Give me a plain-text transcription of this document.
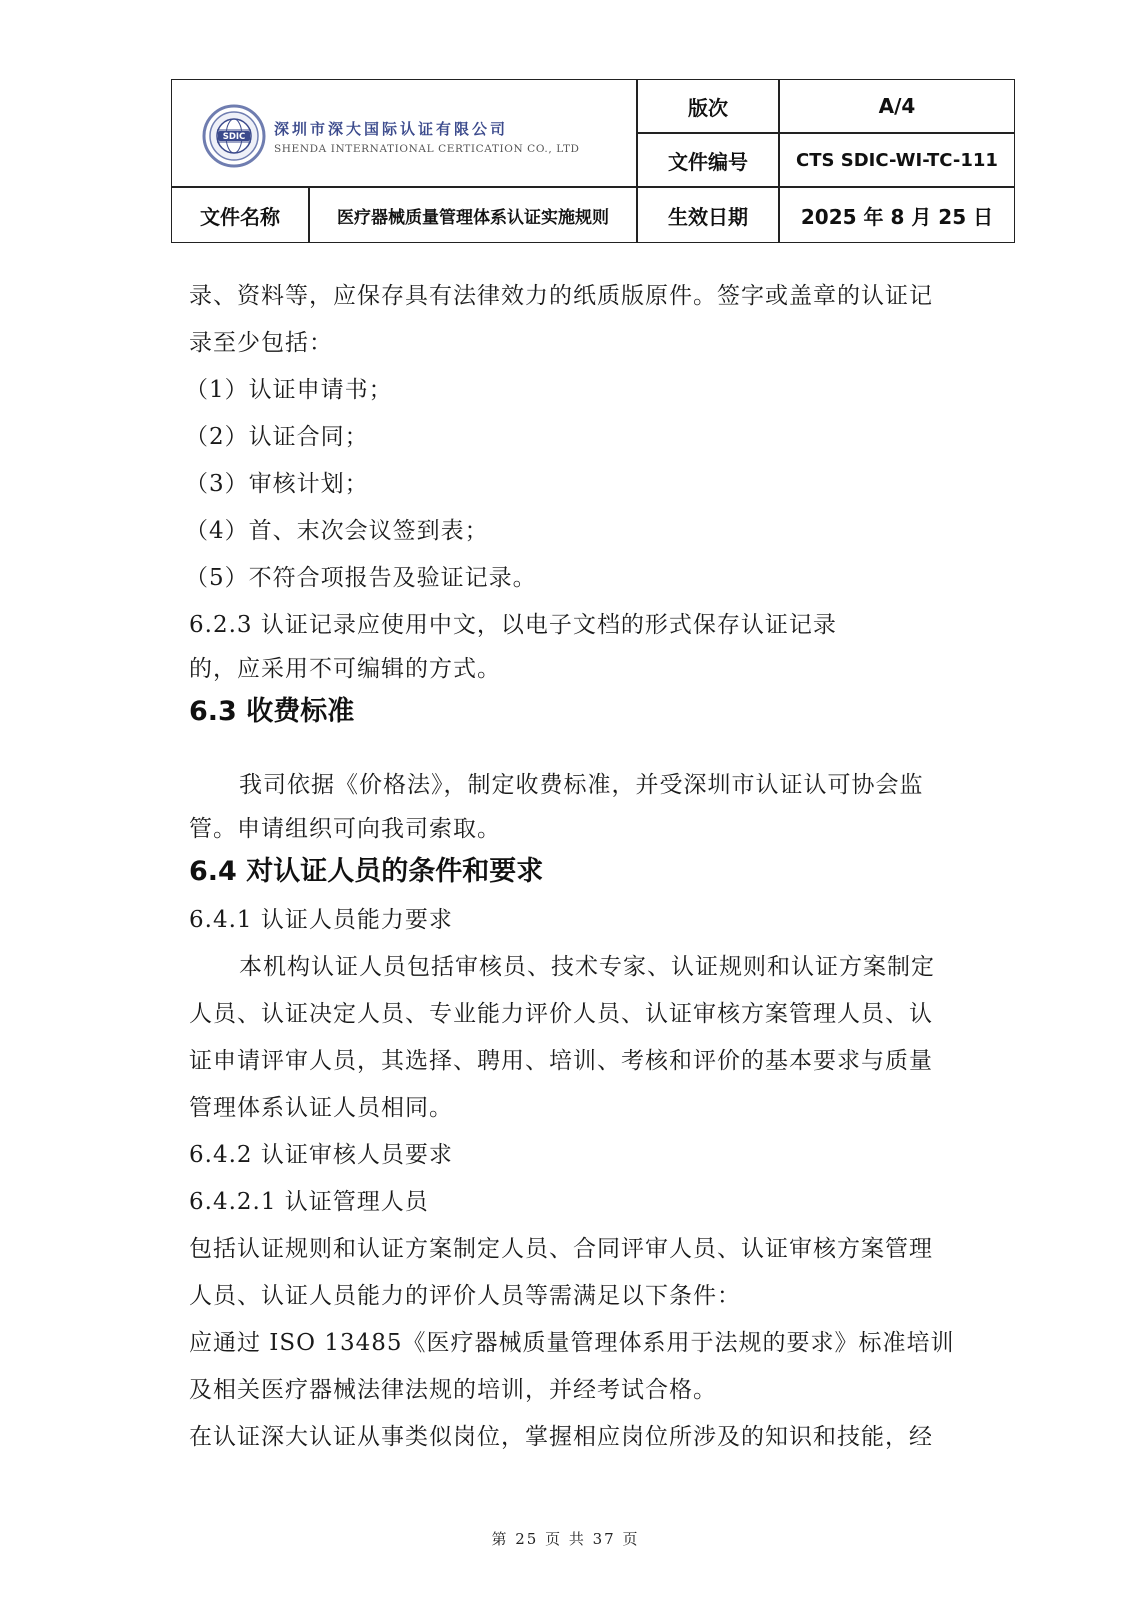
SDIC 深圳市深大国际认证有限公司
SHENDA INTERNATIONAL CERTICATION CO., LTD
版次	A/4
文件编号	CTS SDIC-WI-TC-111
文件名称	医疗器械质量管理体系认证实施规则	生效日期	2025 年 8 月 25 日

录、资料等，应保存具有法律效力的纸质版原件。签字或盖章的认证记

录至少包括：

（1）认证申请书；

（2）认证合同；

（3）审核计划；

（4）首、末次会议签到表；

（5）不符合项报告及验证记录。

6.2.3 认证记录应使用中文，以电子文档的形式保存认证记录

的，应采用不可编辑的方式。

6.3 收费标准

我司依据《价格法》，制定收费标准，并受深圳市认证认可协会监

管。申请组织可向我司索取。

6.4 对认证人员的条件和要求

6.4.1 认证人员能力要求

本机构认证人员包括审核员、技术专家、认证规则和认证方案制定

人员、认证决定人员、专业能力评价人员、认证审核方案管理人员、认

证申请评审人员，其选择、聘用、培训、考核和评价的基本要求与质量

管理体系认证人员相同。

6.4.2 认证审核人员要求

6.4.2.1 认证管理人员

包括认证规则和认证方案制定人员、合同评审人员、认证审核方案管理

人员、认证人员能力的评价人员等需满足以下条件：

应通过 ISO 13485《医疗器械质量管理体系用于法规的要求》标准培训

及相关医疗器械法律法规的培训，并经考试合格。

在认证深大认证从事类似岗位，掌握相应岗位所涉及的知识和技能，经

第 25 页 共 37 页
